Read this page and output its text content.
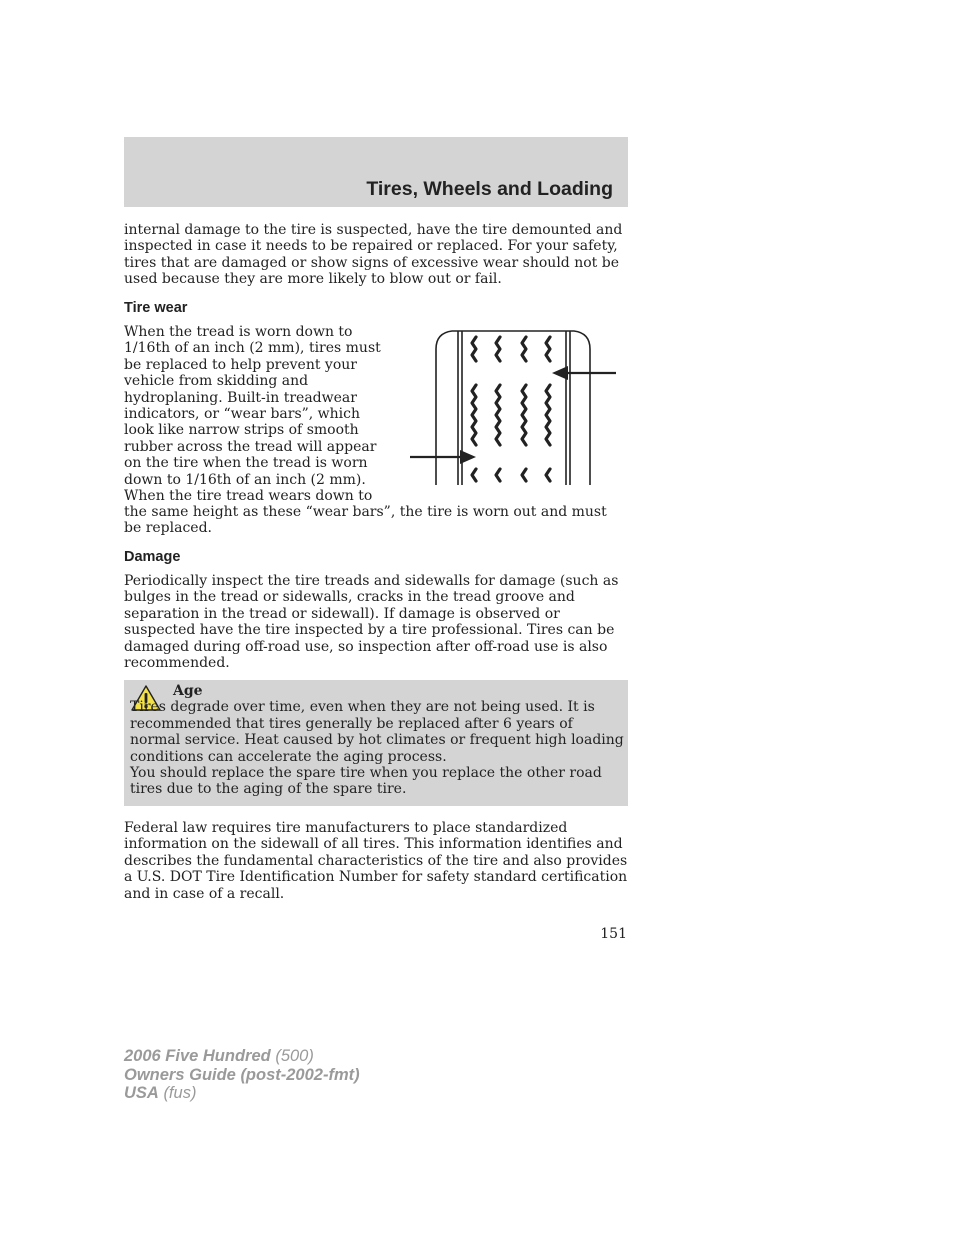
Tires, Wheels and Loading

internal damage to the tire is suspected, have the tire demounted and inspected in case it needs to be repaired or replaced. For your safety, tires that are damaged or show signs of excessive wear should not be used because they are more likely to blow out or fail.

Tire wear
When the tread is worn down to
1/16th of an inch (2 mm), tires must
be replaced to help prevent your
vehicle from skidding and
hydroplaning. Built-in treadwear
indicators, or “wear bars”, which
look like narrow strips of smooth
rubber across the tread will appear
on the tire when the tread is worn
down to 1/16th of an inch (2 mm).
When the tire tread wears down to

the same height as these “wear bars”, the tire is worn out and must be replaced.

Damage

Periodically inspect the tire treads and sidewalls for damage (such as bulges in the tread or sidewalls, cracks in the tread groove and separation in the tread or sidewall). If damage is observed or suspected have the tire inspected by a tire professional. Tires can be damaged during off-road use, so inspection after off-road use is also recommended.

Age
Tires degrade over time, even when they are not being used. It is recommended that tires generally be replaced after 6 years of normal service. Heat caused by hot climates or frequent high loading conditions can accelerate the aging process.
You should replace the spare tire when you replace the other road tires due to the aging of the spare tire.

Federal law requires tire manufacturers to place standardized information on the sidewall of all tires. This information identifies and describes the fundamental characteristics of the tire and also provides a U.S. DOT Tire Identification Number for safety standard certification and in case of a recall.

151

2006 Five Hundred (500)
Owners Guide (post-2002-fmt)
USA (fus)
